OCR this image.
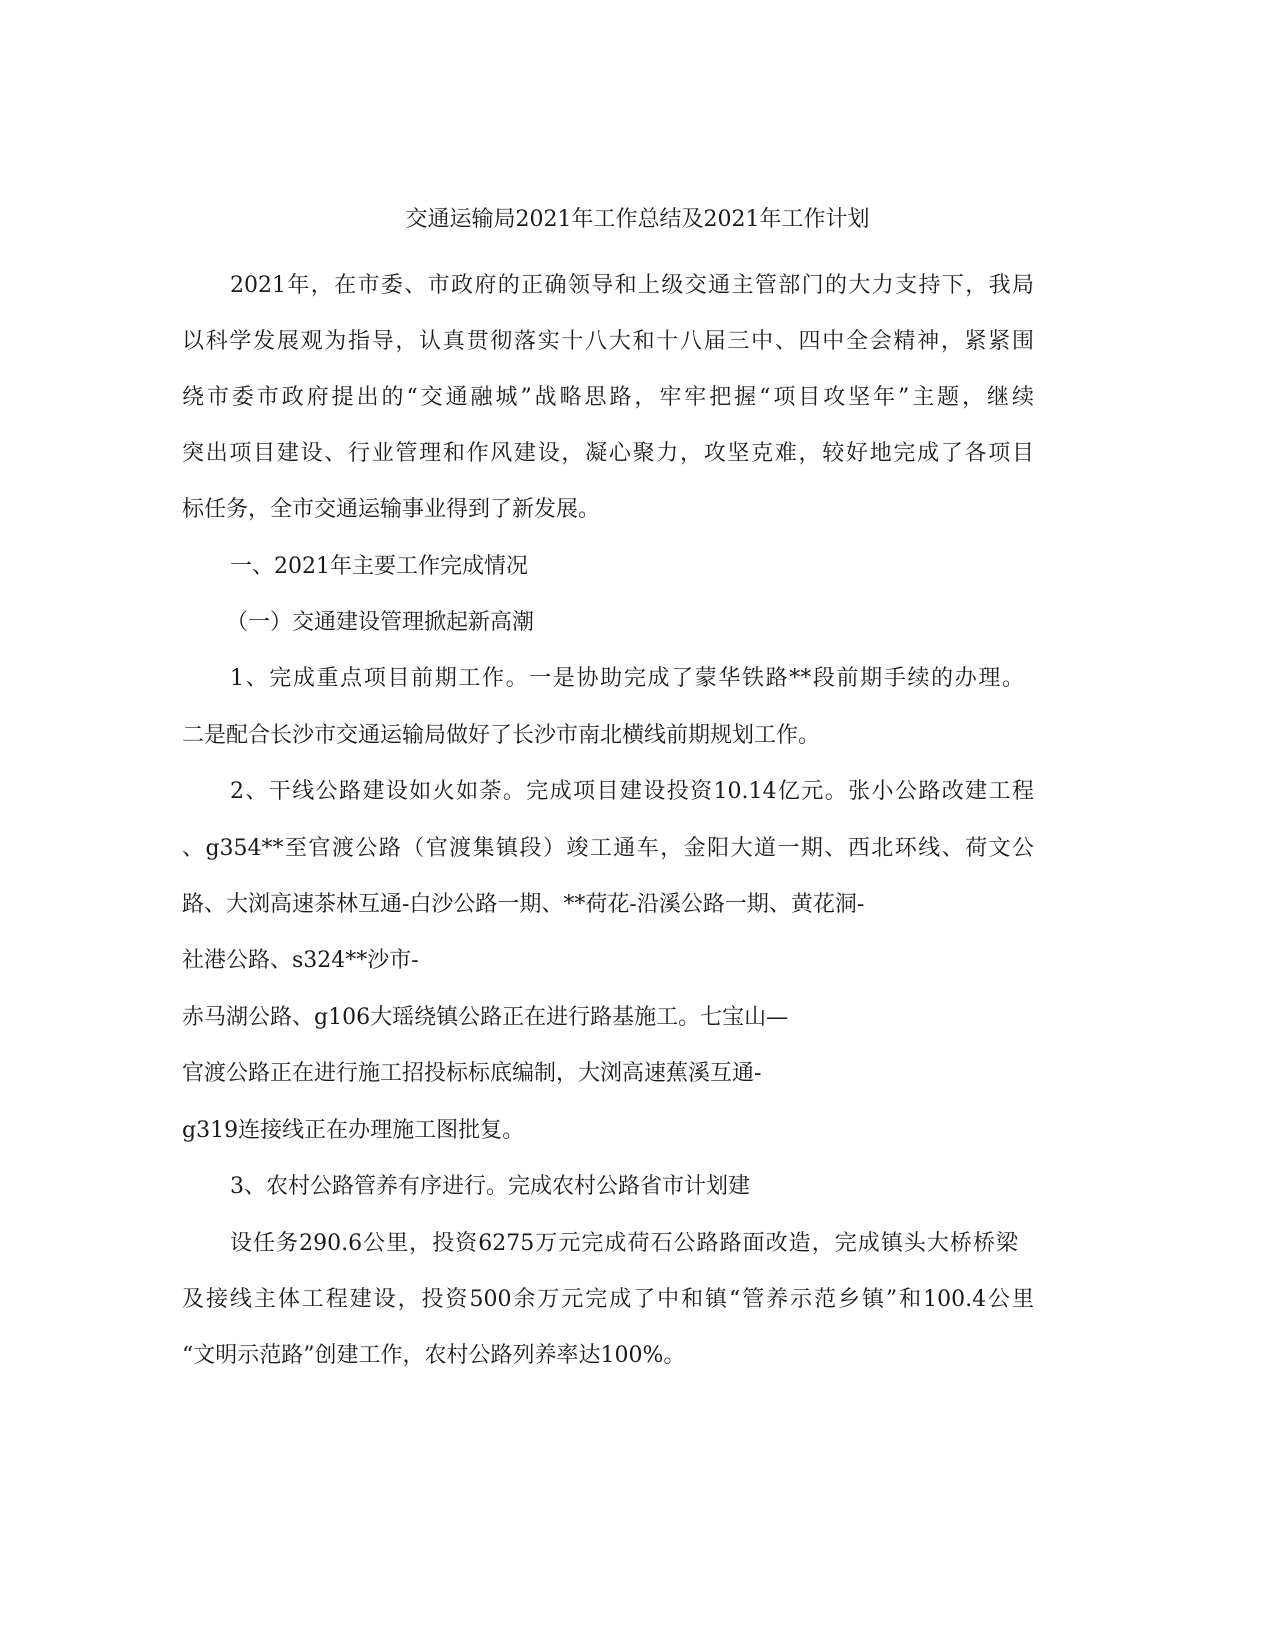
交通运输局2021年工作总结及2021年工作计划
2021年，在市委、市政府的正确领导和上级交通主管部门的大力支持下，我局
以科学发展观为指导，认真贯彻落实十八大和十八届三中、四中全会精神，紧紧围
绕市委市政府提出的“交通融城”战略思路，牢牢把握“项目攻坚年”主题，继续
突出项目建设、行业管理和作风建设，凝心聚力，攻坚克难，较好地完成了各项目
标任务，全市交通运输事业得到了新发展。
一、2021年主要工作完成情况
（一）交通建设管理掀起新高潮
1、完成重点项目前期工作。一是协助完成了蒙华铁路**段前期手续的办理。
二是配合长沙市交通运输局做好了长沙市南北横线前期规划工作。
2、干线公路建设如火如荼。完成项目建设投资10.14亿元。张小公路改建工程
、g354**至官渡公路（官渡集镇段）竣工通车，金阳大道一期、西北环线、荷文公
路、大浏高速茶林互通-白沙公路一期、**荷花-沿溪公路一期、黄花洞-
社港公路、s324**沙市-
赤马湖公路、g106大瑶绕镇公路正在进行路基施工。七宝山—
官渡公路正在进行施工招投标标底编制，大浏高速蕉溪互通-
g319连接线正在办理施工图批复。
3、农村公路管养有序进行。完成农村公路省市计划建
设任务290.6公里，投资6275万元完成荷石公路路面改造，完成镇头大桥桥梁
及接线主体工程建设，投资500余万元完成了中和镇“管养示范乡镇”和100.4公里
“文明示范路”创建工作，农村公路列养率达100%。
